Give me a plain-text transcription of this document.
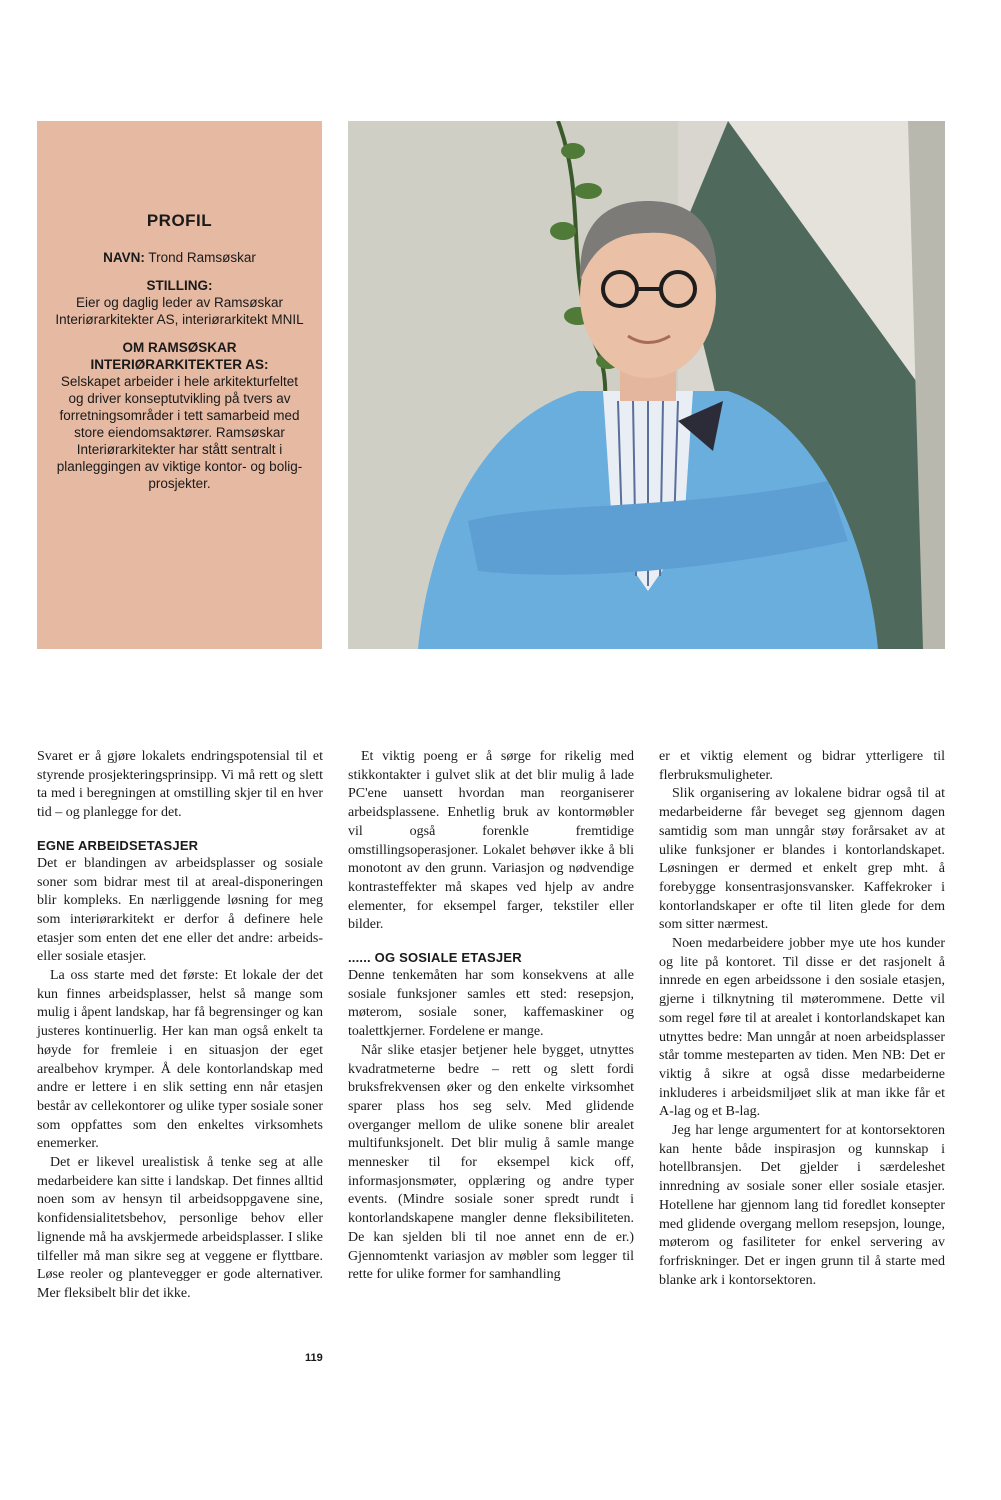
PROFIL

NAVN: Trond Ramsøskar

STILLING:
Eier og daglig leder av Ramsøskar Interiørarkitekter AS, interiørarkitekt MNIL

OM RAMSØSKAR INTERIØRARKITEKTER AS:
Selskapet arbeider i hele arkitekturfeltet og driver konseptutvikling på tvers av forretningsområder i tett samarbeid med store eiendomsaktører. Ramsøskar Interiørarkitekter har stått sentralt i planleggingen av viktige kontor- og bolig-prosjekter.

Svaret er å gjøre lokalets endringspotensial til et styrende prosjekteringsprinsipp. Vi må rett og slett ta med i beregningen at omstilling skjer til en hver tid – og planlegge for det.

EGNE ARBEIDSETASJER

Det er blandingen av arbeidsplasser og sosiale soner som bidrar mest til at areal-disponeringen blir kompleks. En nærliggende løsning for meg som interiørarkitekt er derfor å definere hele etasjer som enten det ene eller det andre: arbeids- eller sosiale etasjer.

La oss starte med det første: Et lokale der det kun finnes arbeidsplasser, helst så mange som mulig i åpent landskap, har få begrensinger og kan justeres kontinuerlig. Her kan man også enkelt ta høyde for fremleie i en situasjon der eget arealbehov krymper. Å dele kontorlandskap med andre er lettere i en slik setting enn når etasjen består av cellekontorer og ulike typer sosiale soner som oppfattes som den enkeltes virksomhets enemerker.

Det er likevel urealistisk å tenke seg at alle medarbeidere kan sitte i landskap. Det finnes alltid noen som av hensyn til arbeidsoppgavene sine, konfidensialitetsbehov, personlige behov eller lignende må ha avskjermede arbeidsplasser. I slike tilfeller må man sikre seg at veggene er flyttbare. Løse reoler og plantevegger er gode alternativer. Mer fleksibelt blir det ikke.

Et viktig poeng er å sørge for rikelig med stikkontakter i gulvet slik at det blir mulig å lade PC'ene uansett hvordan man reorganiserer arbeidsplassene. Enhetlig bruk av kontormøbler vil også forenkle fremtidige omstillingsoperasjoner. Lokalet behøver ikke å bli monotont av den grunn. Variasjon og nødvendige kontrasteffekter må skapes ved hjelp av andre elementer, for eksempel farger, tekstiler eller bilder.

...... OG SOSIALE ETASJER

Denne tenkemåten har som konsekvens at alle sosiale funksjoner samles ett sted: resepsjon, møterom, sosiale soner, kaffemaskiner og toalettkjerner. Fordelene er mange.

Når slike etasjer betjener hele bygget, utnyttes kvadratmeterne bedre – rett og slett fordi bruksfrekvensen øker og den enkelte virksomhet sparer plass hos seg selv. Med glidende overganger mellom de ulike sonene blir arealet multifunksjonelt. Det blir mulig å samle mange mennesker til for eksempel kick off, informasjonsmøter, opplæring og andre typer events. (Mindre sosiale soner spredt rundt i kontorlandskapene mangler denne fleksibiliteten. De kan sjelden bli til noe annet enn de er.) Gjennomtenkt variasjon av møbler som legger til rette for ulike former for samhandling

er et viktig element og bidrar ytterligere til flerbruksmuligheter.

Slik organisering av lokalene bidrar også til at medarbeiderne får beveget seg gjennom dagen samtidig som man unngår støy forårsaket av at ulike funksjoner er blandes i kontorlandskapet. Løsningen er dermed et enkelt grep mht. å forebygge konsentrasjonsvansker. Kaffekroker i kontorlandskaper er ofte til liten glede for dem som sitter nærmest.

Noen medarbeidere jobber mye ute hos kunder og lite på kontoret. Til disse er det rasjonelt å innrede en egen arbeidssone i den sosiale etasjen, gjerne i tilknytning til møterommene. Dette vil som regel føre til at arealet i kontorlandskapet kan utnyttes bedre: Man unngår at noen arbeidsplasser står tomme mesteparten av tiden. Men NB: Det er viktig å sikre at også disse medarbeiderne inkluderes i arbeidsmiljøet slik at man ikke får et A-lag og et B-lag.

Jeg har lenge argumentert for at kontorsektoren kan hente både inspirasjon og kunnskap i hotellbransjen. Det gjelder i særdeleshet innredning av sosiale soner eller sosiale etasjer. Hotellene har gjennom lang tid foredlet konsepter med glidende overgang mellom resepsjon, lounge, møterom og fasiliteter for enkel servering av forfriskninger. Det er ingen grunn til å starte med blanke ark i kontorsektoren.

119
